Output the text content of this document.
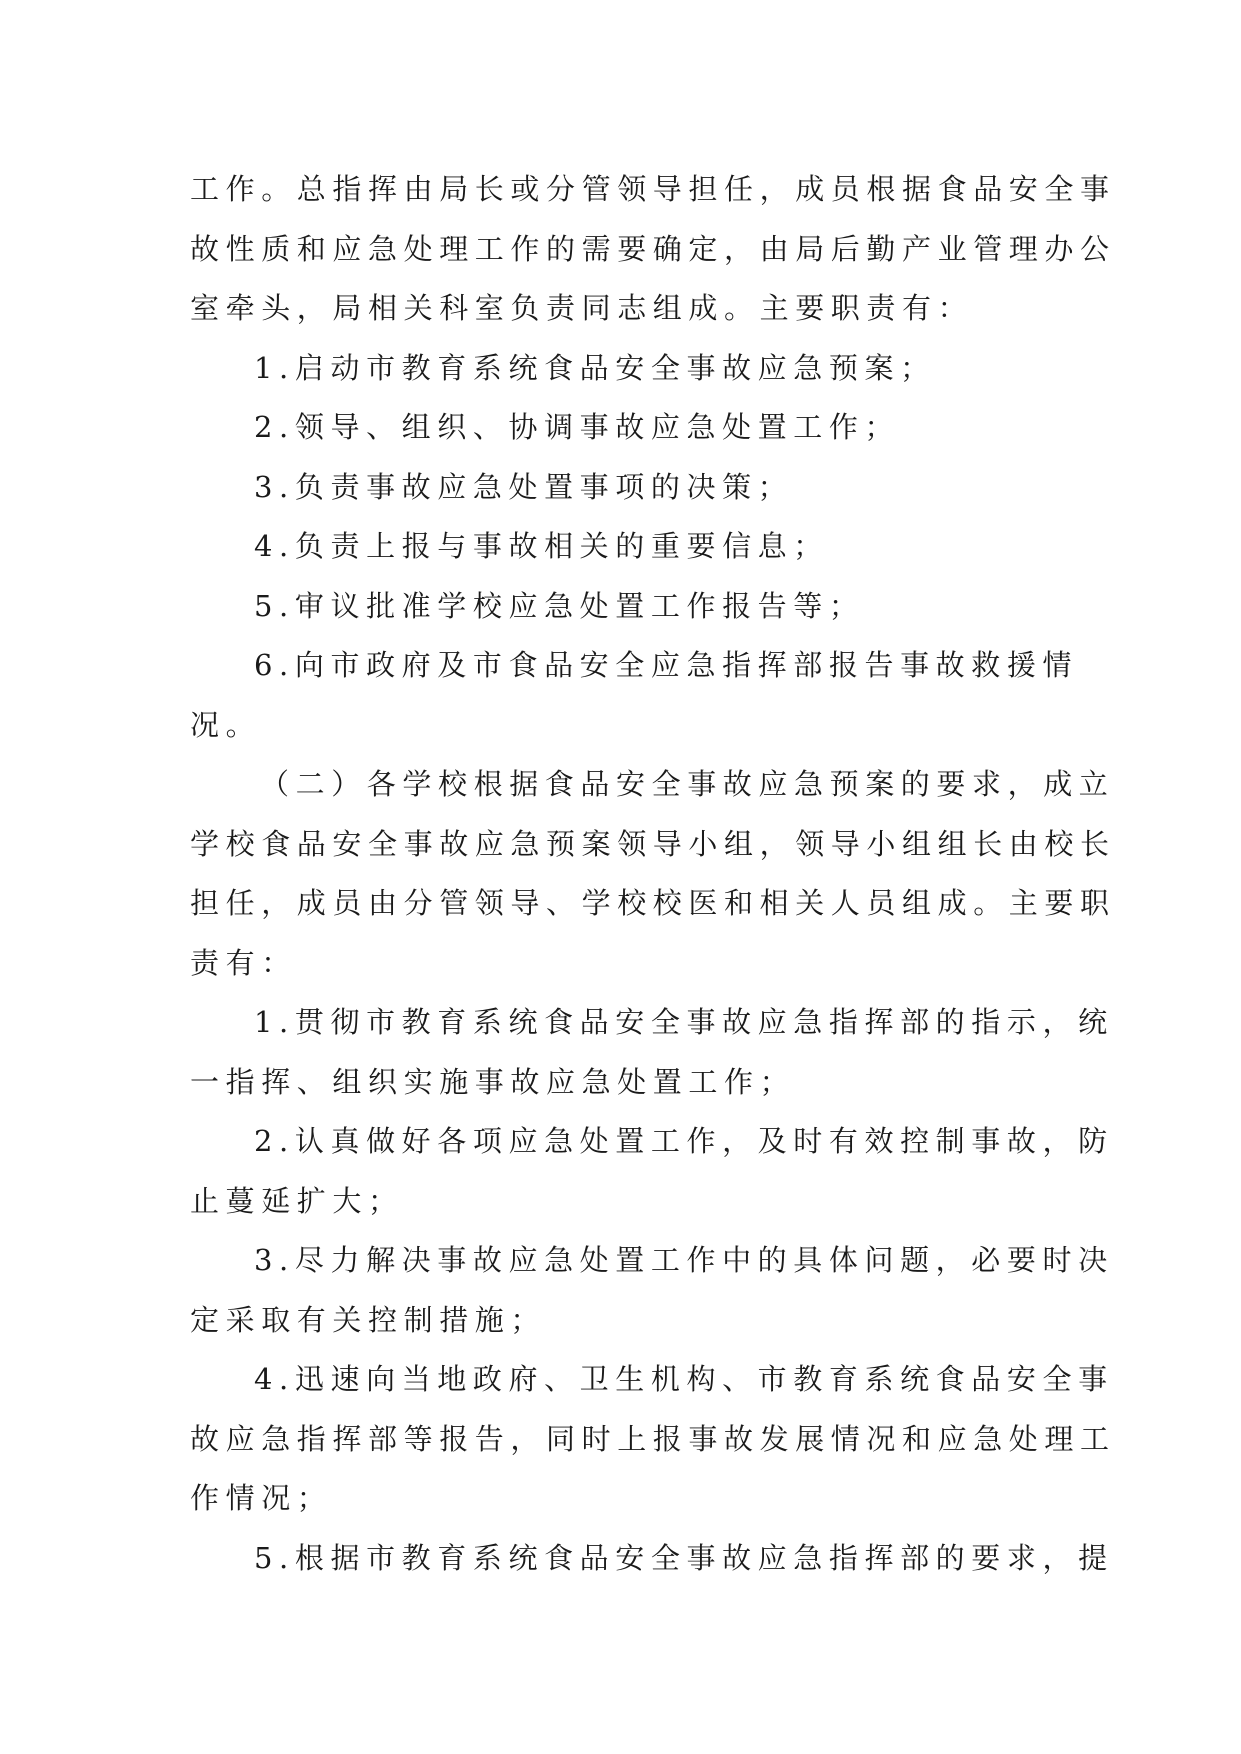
工作。总指挥由局长或分管领导担任，成员根据食品安全事
故性质和应急处理工作的需要确定，由局后勤产业管理办公
室牵头，局相关科室负责同志组成。主要职责有：
1.启动市教育系统食品安全事故应急预案；
2.领导、组织、协调事故应急处置工作；
3.负责事故应急处置事项的决策；
4.负责上报与事故相关的重要信息；
5.审议批准学校应急处置工作报告等；
6.向市政府及市食品安全应急指挥部报告事故救援情
况。
（二）各学校根据食品安全事故应急预案的要求，成立
学校食品安全事故应急预案领导小组，领导小组组长由校长
担任，成员由分管领导、学校校医和相关人员组成。主要职
责有：
1.贯彻市教育系统食品安全事故应急指挥部的指示，统
一指挥、组织实施事故应急处置工作；
2.认真做好各项应急处置工作，及时有效控制事故，防
止蔓延扩大；
3.尽力解决事故应急处置工作中的具体问题，必要时决
定采取有关控制措施；
4.迅速向当地政府、卫生机构、市教育系统食品安全事
故应急指挥部等报告，同时上报事故发展情况和应急处理工
作情况；
5.根据市教育系统食品安全事故应急指挥部的要求，提
